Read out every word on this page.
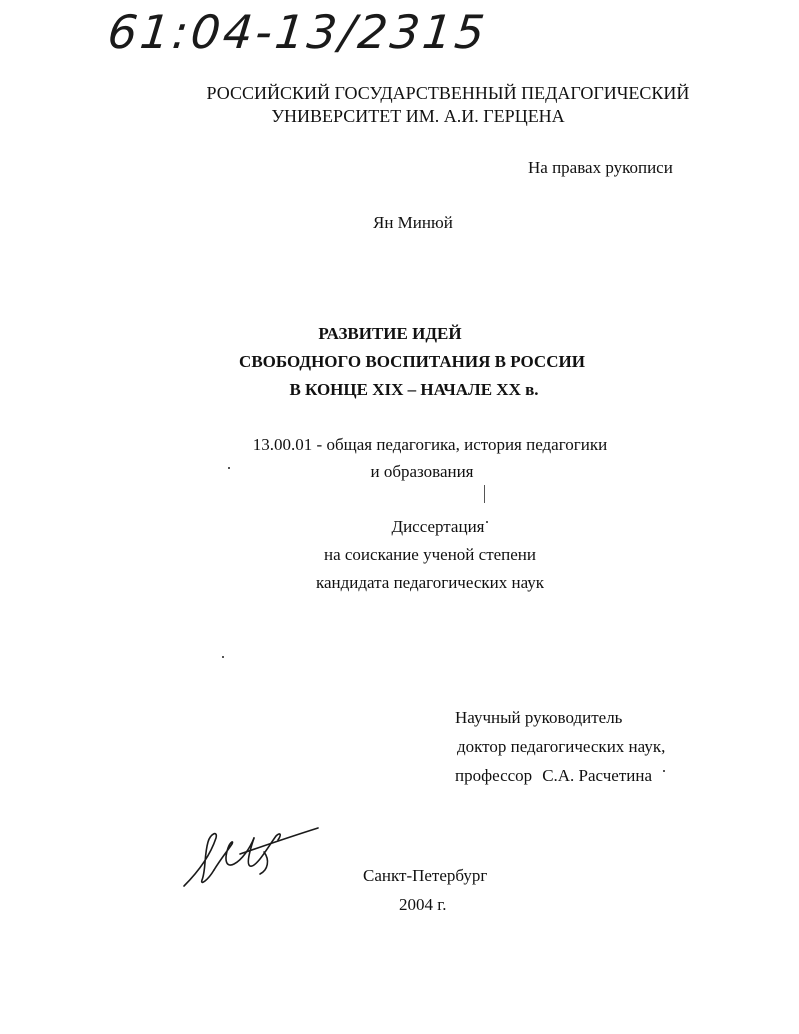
61:04-13/2315
РОССИЙСКИЙ ГОСУДАРСТВЕННЫЙ ПЕДАГОГИЧЕСКИЙ
УНИВЕРСИТЕТ ИМ. А.И. ГЕРЦЕНА
На правах рукописи
Ян Минюй
РАЗВИТИЕ ИДЕЙ
СВОБОДНОГО ВОСПИТАНИЯ В РОССИИ
В КОНЦЕ XIX – НАЧАЛЕ XX в.
13.00.01 - общая педагогика, история педагогики
и образования
Диссертация
на соискание ученой степени
кандидата педагогических наук
Научный руководитель
доктор педагогических наук,
профессор С.А. Расчетина
Санкт-Петербург
2004 г.
